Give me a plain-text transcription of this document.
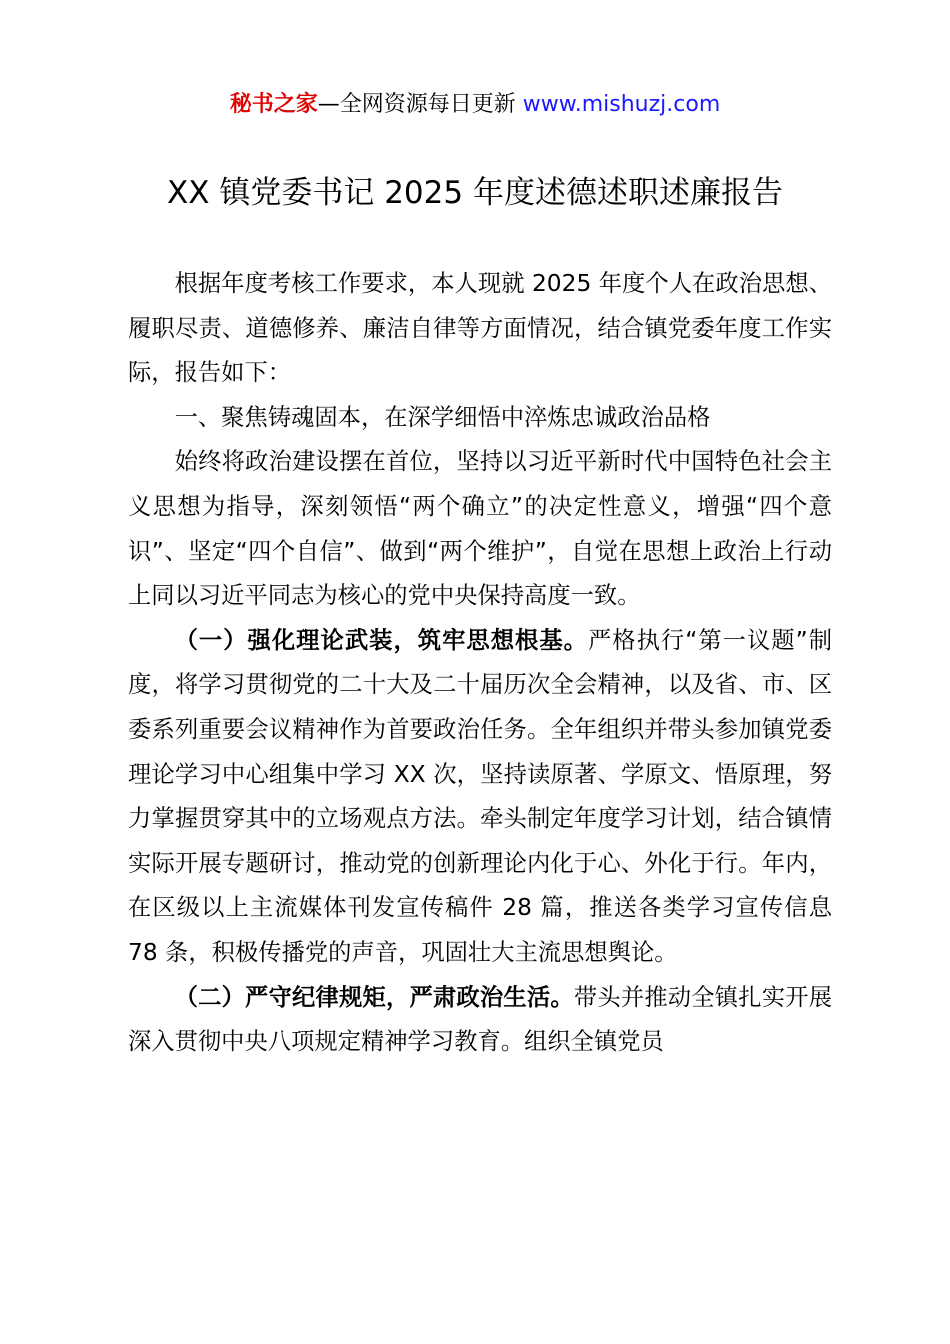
秘书之家—全网资源每日更新 www.mishuzj.com
XX 镇党委书记 2025 年度述德述职述廉报告

根据年度考核工作要求，本人现就 2025 年度个人在政治思想、履职尽责、道德修养、廉洁自律等方面情况，结合镇党委年度工作实际，报告如下：

一、聚焦铸魂固本，在深学细悟中淬炼忠诚政治品格

始终将政治建设摆在首位，坚持以习近平新时代中国特色社会主义思想为指导，深刻领悟“两个确立”的决定性意义，增强“四个意识”、坚定“四个自信”、做到“两个维护”，自觉在思想上政治上行动上同以习近平同志为核心的党中央保持高度一致。

（一）强化理论武装，筑牢思想根基。严格执行“第一议题”制度，将学习贯彻党的二十大及二十届历次全会精神，以及省、市、区委系列重要会议精神作为首要政治任务。全年组织并带头参加镇党委理论学习中心组集中学习 XX 次，坚持读原著、学原文、悟原理，努力掌握贯穿其中的立场观点方法。牵头制定年度学习计划，结合镇情实际开展专题研讨，推动党的创新理论内化于心、外化于行。年内，在区级以上主流媒体刊发宣传稿件 28 篇，推送各类学习宣传信息 78 条，积极传播党的声音，巩固壮大主流思想舆论。

（二）严守纪律规矩，严肃政治生活。带头并推动全镇扎实开展深入贯彻中央八项规定精神学习教育。组织全镇党员
